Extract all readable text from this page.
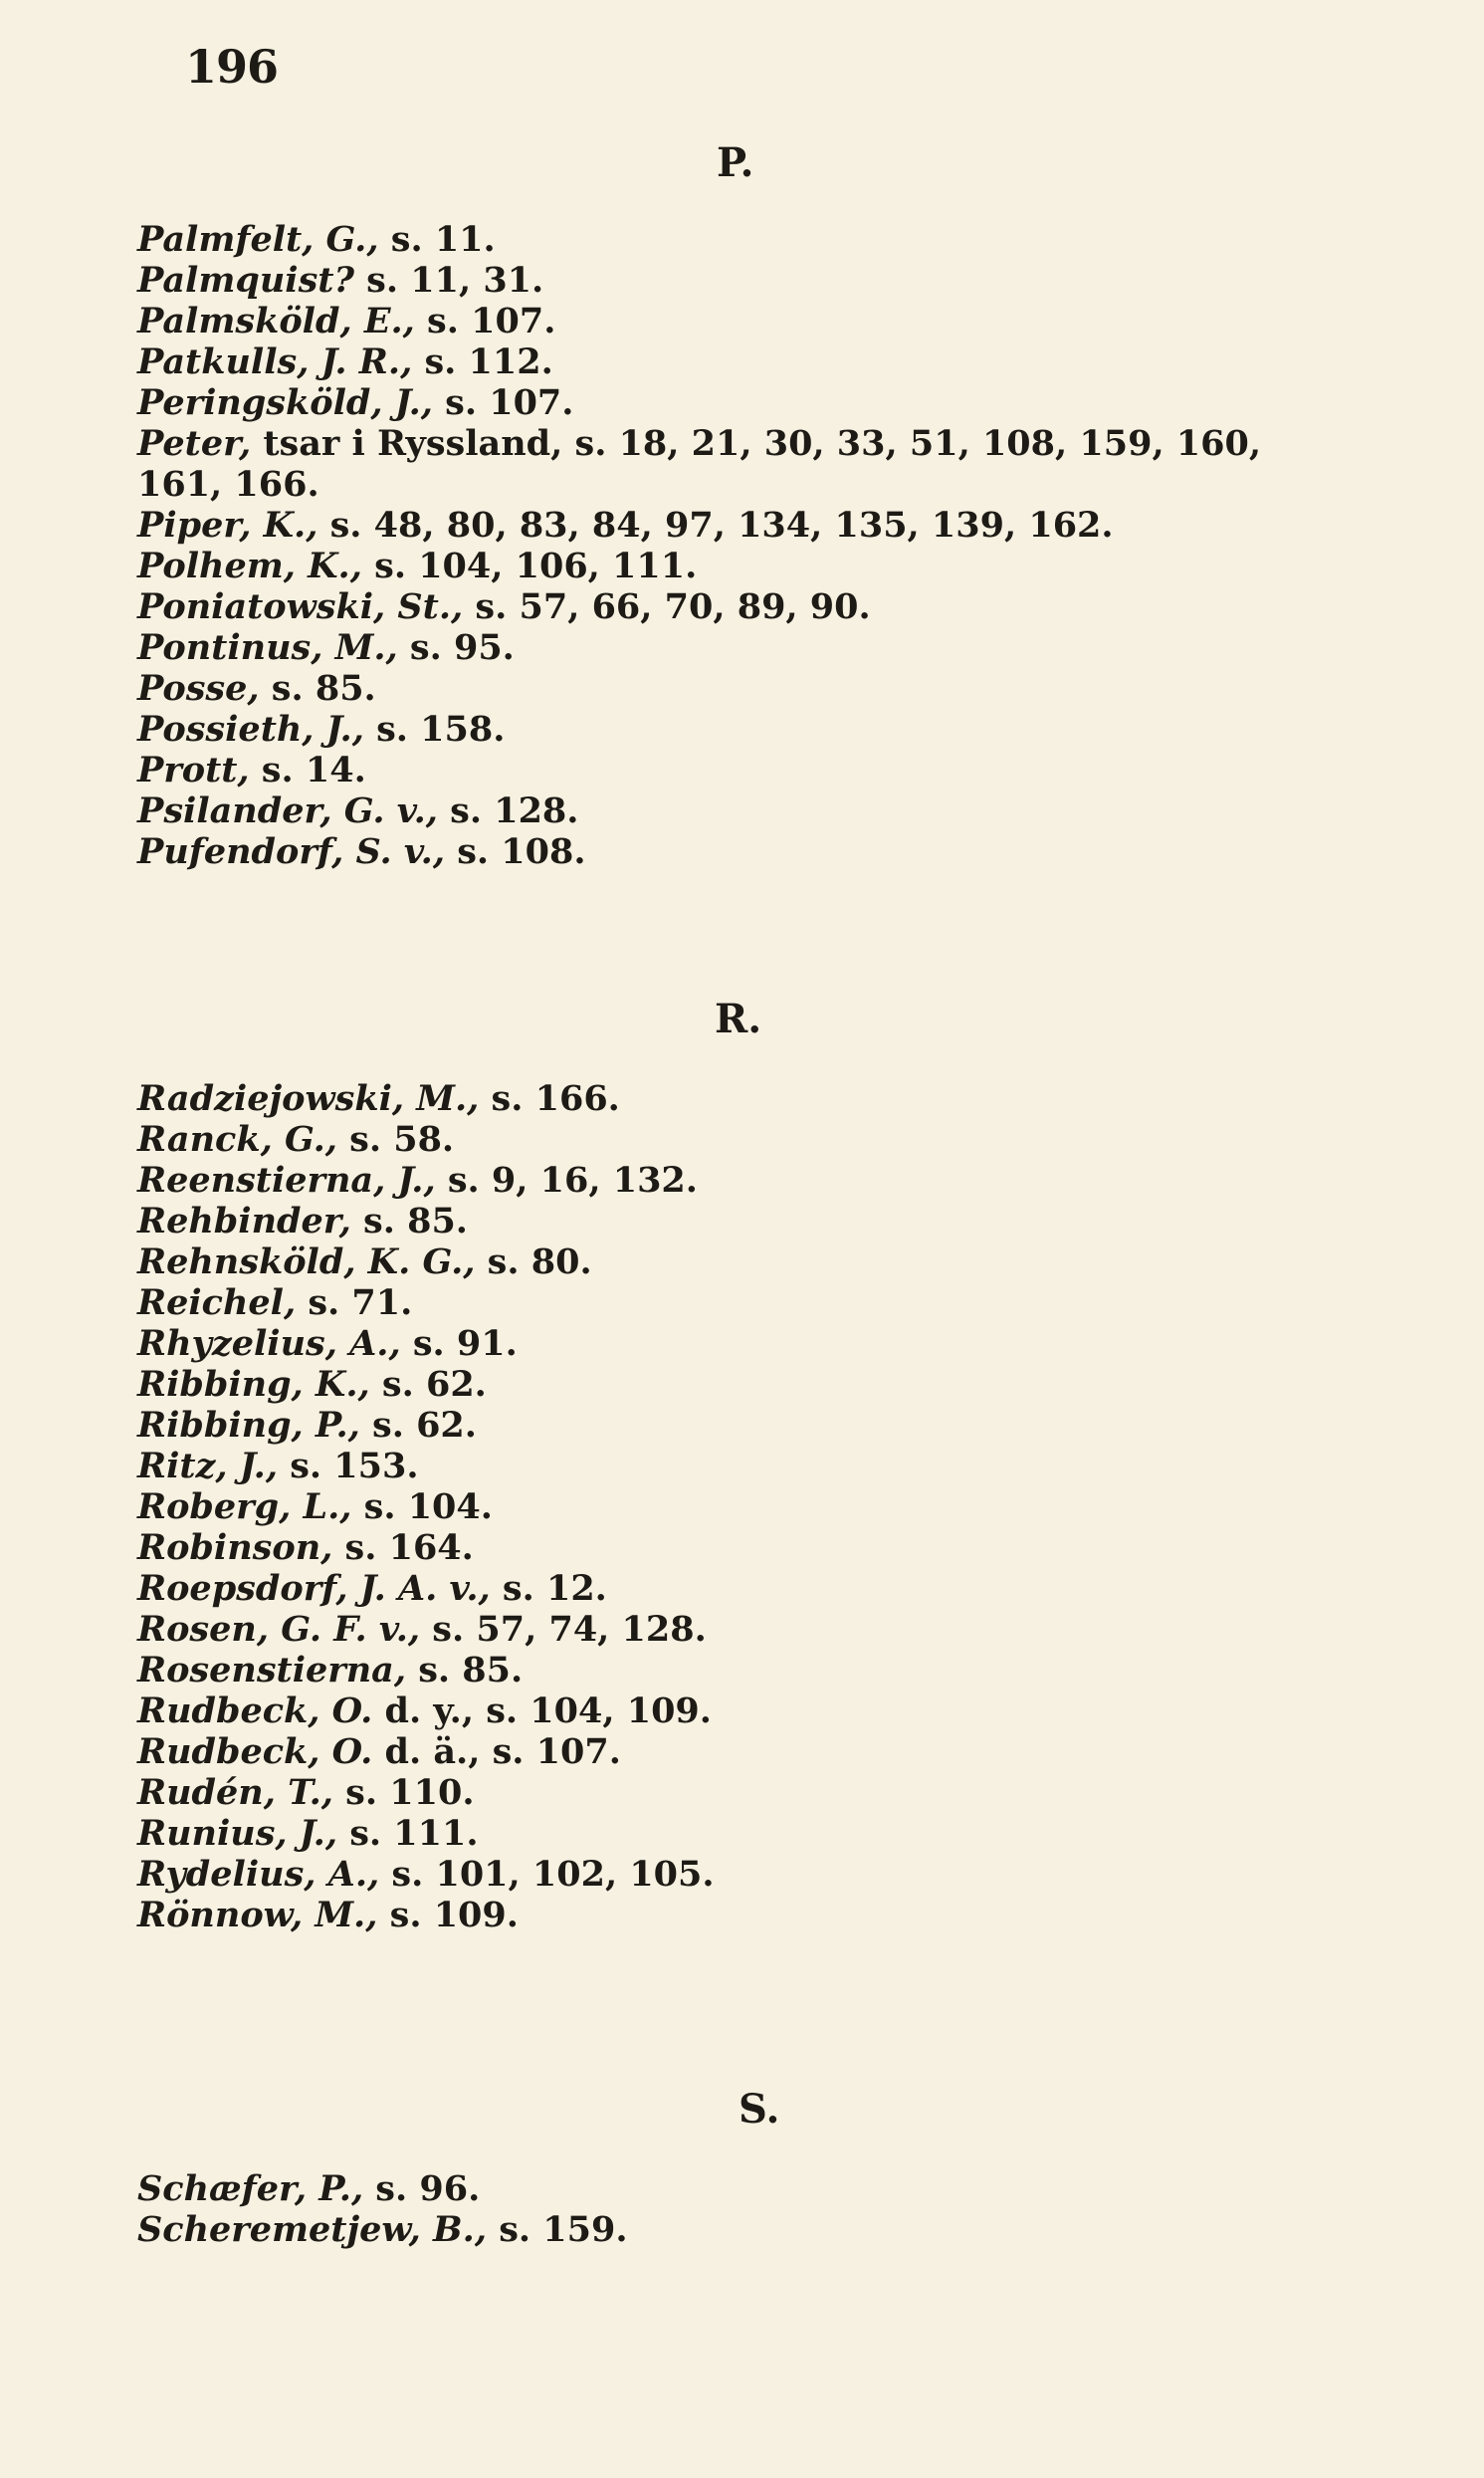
196
P.
Palmfelt, G., s. 11.
Palmquist? s. 11, 31.
Palmsköld, E., s. 107.
Patkulls, J. R., s. 112.
Peringsköld, J., s. 107.
Peter, tsar i Ryssland, s. 18, 21, 30, 33, 51, 108, 159, 160,
161, 166.
Piper, K., s. 48, 80, 83, 84, 97, 134, 135, 139, 162.
Polhem, K., s. 104, 106, 111.
Poniatowski, St., s. 57, 66, 70, 89, 90.
Pontinus, M., s. 95.
Posse, s. 85.
Possieth, J., s. 158.
Prott, s. 14.
Psilander, G. v., s. 128.
Pufendorf, S. v., s. 108.
R.
Radziejowski, M., s. 166.
Ranck, G., s. 58.
Reenstierna, J., s. 9, 16, 132.
Rehbinder, s. 85.
Rehnsköld, K. G., s. 80.
Reichel, s. 71.
Rhyzelius, A., s. 91.
Ribbing, K., s. 62.
Ribbing, P., s. 62.
Ritz, J., s. 153.
Roberg, L., s. 104.
Robinson, s. 164.
Roepsdorf, J. A. v., s. 12.
Rosen, G. F. v., s. 57, 74, 128.
Rosenstierna, s. 85.
Rudbeck, O. d. y., s. 104, 109.
Rudbeck, O. d. ä., s. 107.
Rudén, T., s. 110.
Runius, J., s. 111.
Rydelius, A., s. 101, 102, 105.
Rönnow, M., s. 109.
S.
Schæfer, P., s. 96.
Scheremetjew, B., s. 159.
